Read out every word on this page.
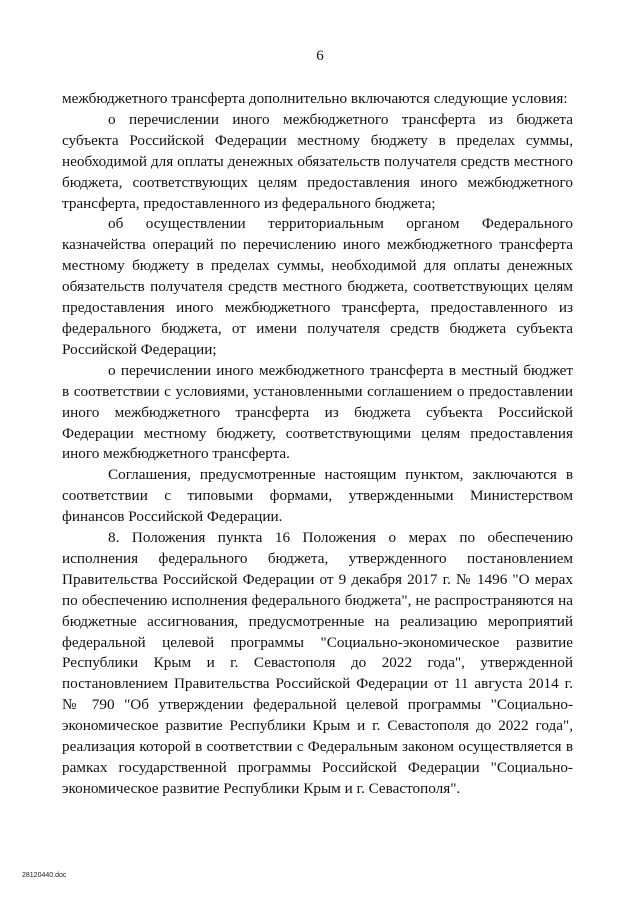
6

межбюджетного трансферта дополнительно включаются следующие условия:

о перечислении иного межбюджетного трансферта из бюджета субъекта Российской Федерации местному бюджету в пределах суммы, необходимой для оплаты денежных обязательств получателя средств местного бюджета, соответствующих целям предоставления иного межбюджетного трансферта, предоставленного из федерального бюджета;

об осуществлении территориальным органом Федерального казначейства операций по перечислению иного межбюджетного трансферта местному бюджету в пределах суммы, необходимой для оплаты денежных обязательств получателя средств местного бюджета, соответствующих целям предоставления иного межбюджетного трансферта, предоставленного из федерального бюджета, от имени получателя средств бюджета субъекта Российской Федерации;

о перечислении иного межбюджетного трансферта в местный бюджет в соответствии с условиями, установленными соглашением о предоставлении иного межбюджетного трансферта из бюджета субъекта Российской Федерации местному бюджету, соответствующими целям предоставления иного межбюджетного трансферта.

Соглашения, предусмотренные настоящим пунктом, заключаются в соответствии с типовыми формами, утвержденными Министерством финансов Российской Федерации.

8. Положения пункта 16 Положения о мерах по обеспечению исполнения федерального бюджета, утвержденного постановлением Правительства Российской Федерации от 9 декабря 2017 г. № 1496 "О мерах по обеспечению исполнения федерального бюджета", не распространяются на бюджетные ассигнования, предусмотренные на реализацию мероприятий федеральной целевой программы "Социально-экономическое развитие Республики Крым и г. Севастополя до 2022 года", утвержденной постановлением Правительства Российской Федерации от 11 августа 2014 г. № 790 "Об утверждении федеральной целевой программы "Социально-экономическое развитие Республики Крым и г. Севастополя до 2022 года", реализация которой в соответствии с Федеральным законом осуществляется в рамках государственной программы Российской Федерации "Социально-экономическое развитие Республики Крым и г. Севастополя".

28120440.doc
